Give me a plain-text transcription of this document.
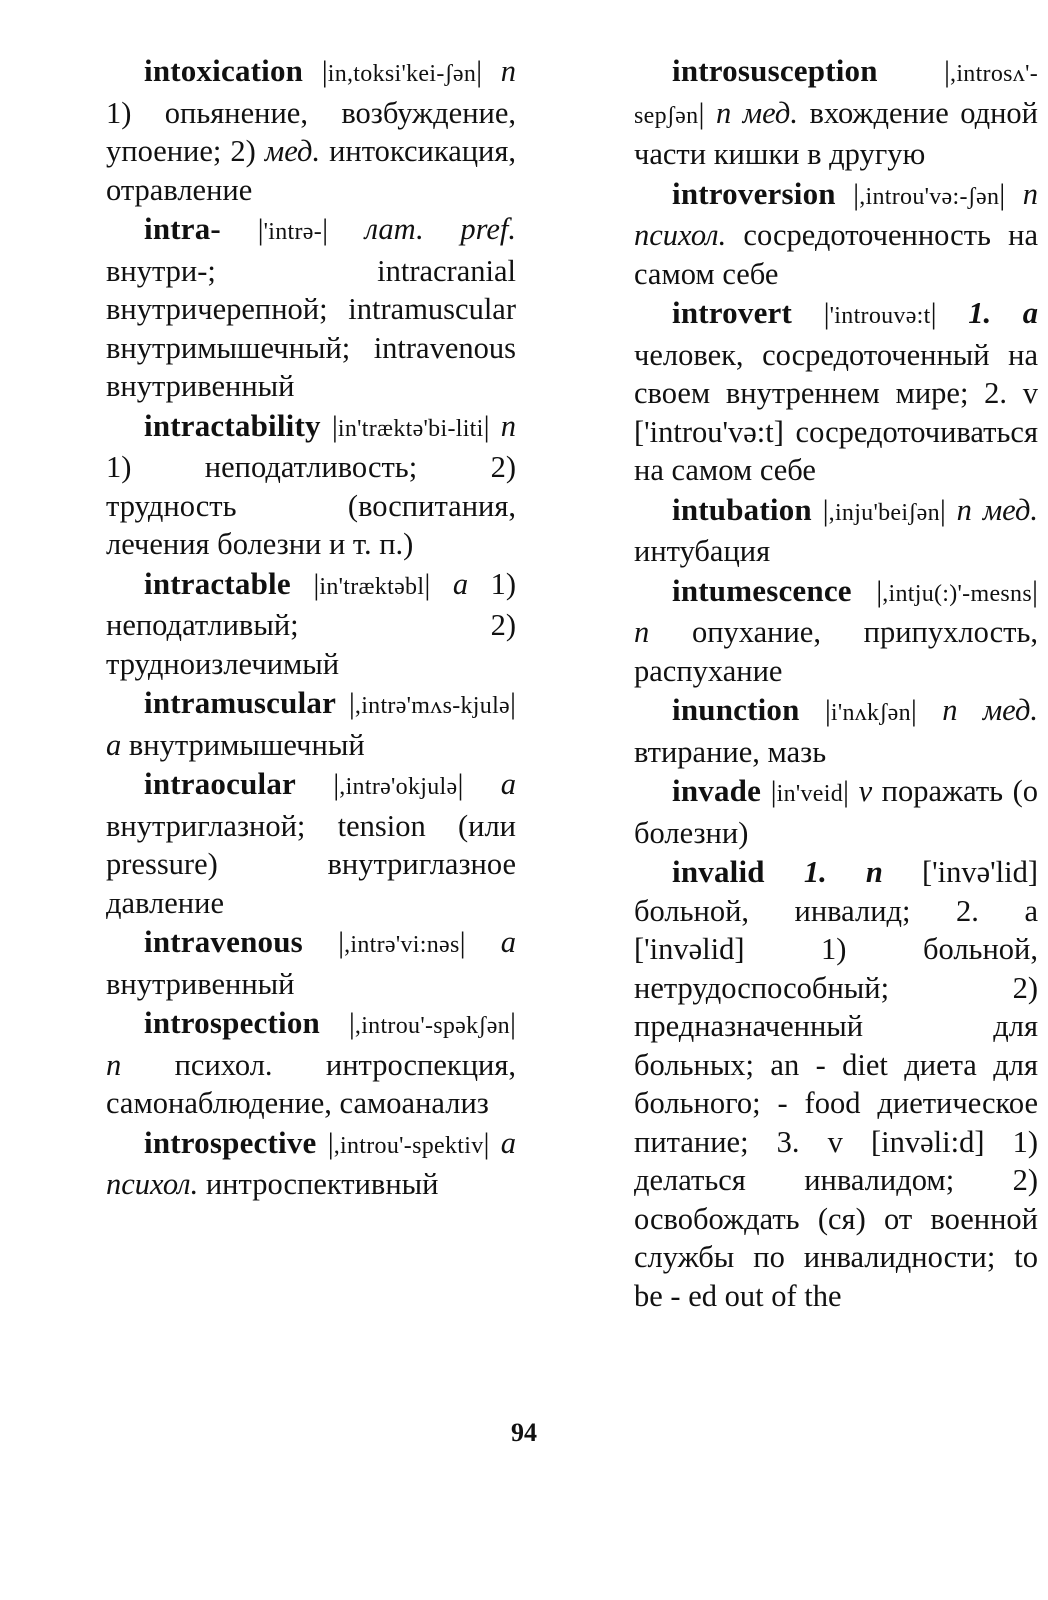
intoxication |in,toksi'kei-ʃən| n 1) опьянение, возбуждение, упоение; 2) мед. интоксикация, отравление

intra- |'intrə-| лат. pref. внутри-; intracranial внутричерепной; intramuscular внутримышечный; intravenous внутривенный

intractability |in'træktə'bi-liti| n 1) неподатливость; 2) трудность (воспитания, лечения болезни и т. п.)

intractable |in'træktəbl| a 1) неподатливый; 2) трудноизлечимый

intramuscular |,intrə'mʌs-kjulə| a внутримышечный

intraocular |,intrə'okjulə| a внутриглазной; tension (или pressure) внутриглазное давление

intravenous |,intrə'vi:nəs| a внутривенный

introspection |,introu'-spəkʃən| n психол. интроспекция, самонаблюдение, самоанализ

introspective |,introu'-spektiv| a психол. интроспективный

introsusception |,introsʌ'-sepʃən| n мед. вхождение одной части кишки в другую

introversion |,introu'və:-ʃən| n психол. сосредоточенность на самом себе

introvert |'introuvə:t| 1. a человек, сосредоточенный на своем внутреннем мире; 2. v ['introu'və:t] сосредоточиваться на самом себе

intubation |,inju'beiʃən| n мед. интубация

intumescence |,intju(:)'-mesns| n опухание, припухлость, распухание

inunction |i'nʌkʃən| n мед. втирание, мазь

invade |in'veid| v поражать (о болезни)

invalid 1. n ['invə'lid] больной, инвалид; 2. a ['invəlid] 1) больной, нетрудоспособный; 2) предназначенный для больных; an - diet диета для больного; - food диетическое питание; 3. v [invəli:d] 1) делаться инвалидом; 2) освобождать (ся) от военной службы по инвалидности; to be - ed out of the

94
